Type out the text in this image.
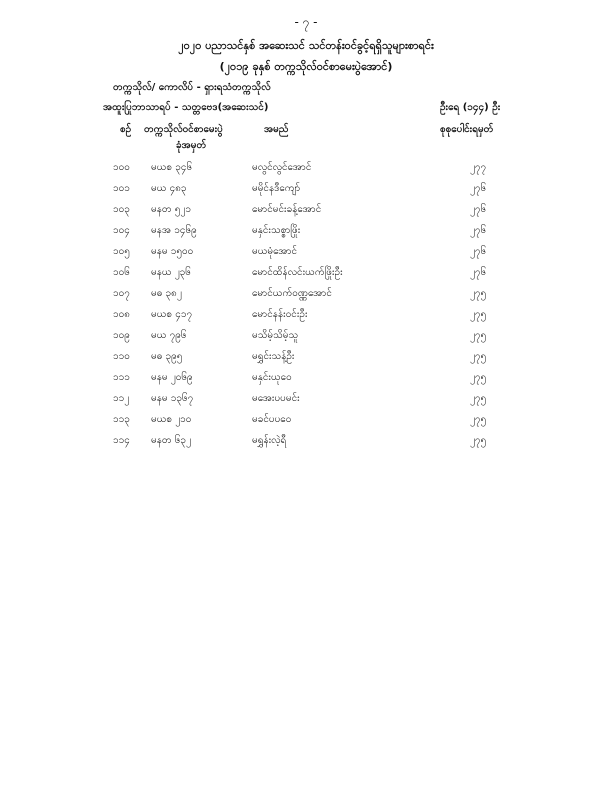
- ၇ -
၂၀၂၀ ပညာသင်နှစ် အဆေးသင် သင်တန်းဝင်ခွင့်ရရှိသူများစာရင်း
(၂၀၁၉ ခုနှစ် တက္ကသိုလ်ဝင်စာမေးပွဲအောင်)
တက္ကသိုလ်/ ကောလိပ် - ရှားရသံတက္ကသိုလ်
အထူးပြုဘာသာရပ် - သတ္တဗေဒ(အဆေးသင်)	ဦးရေ (၁၄၄) ဦး
စဉ် တက္ကသိုလ်ဝင်စာမေးပွဲ
ခုံအမှတ်
အမည်	စုစုပေါင်းရမှတ်
၁၀၀ မယစ ၃၄၆	မလွင်လွင်အောင်	၂၇၇
၁၀၁ မယ ၄၈၃	မမိုင်နဒီကျော်	၂၇၆
၁၀၃ မနတ ၅၂၁	မောင်မင်းခန့်အောင်	၂၇၆
၁၀၄ မနအ ၁၄၆၉	မနှင်းသစ္စာဖြိုး	၂၇၆
၁၀၅ မနမ ၁၅၀၀	မယမုံအောင်	၂၇၆
၁၀၆ မနယ ၂၃၆	မောင်ထိန်လင်းယက်ဖြိုးဦး	၂၇၆
၁၀၇ မဓ ၃၈၂	မောင်ယက်ဝဏ္ဏအောင်	၂၇၅
၁၀၈ မယစ ၄၁၇	မောင်နန်းဝင်းဦး	၂၇၅
၁၀၉ မယ ၇၉၆	မသိမ့်သိမ့်သူ	၂၇၅
၁၁၀ မဓ ၃၉၅	မရွှင်းသန့်ဦး	၂၇၅
၁၁၁ မနမ ၂၀၆၉	မနှင်းယုဝေ	၂၇၅
၁၁၂ မနမ ၁၃၆၇	မအေးပပမင်း	၂၇၅
၁၁၃ မယစ ၂၁၀	မခင်ပပဝေ	၂၇၅
၁၁၄ မနတ ၆၃၂	မရွှန်းလဲ့ရီ	၂၇၅
